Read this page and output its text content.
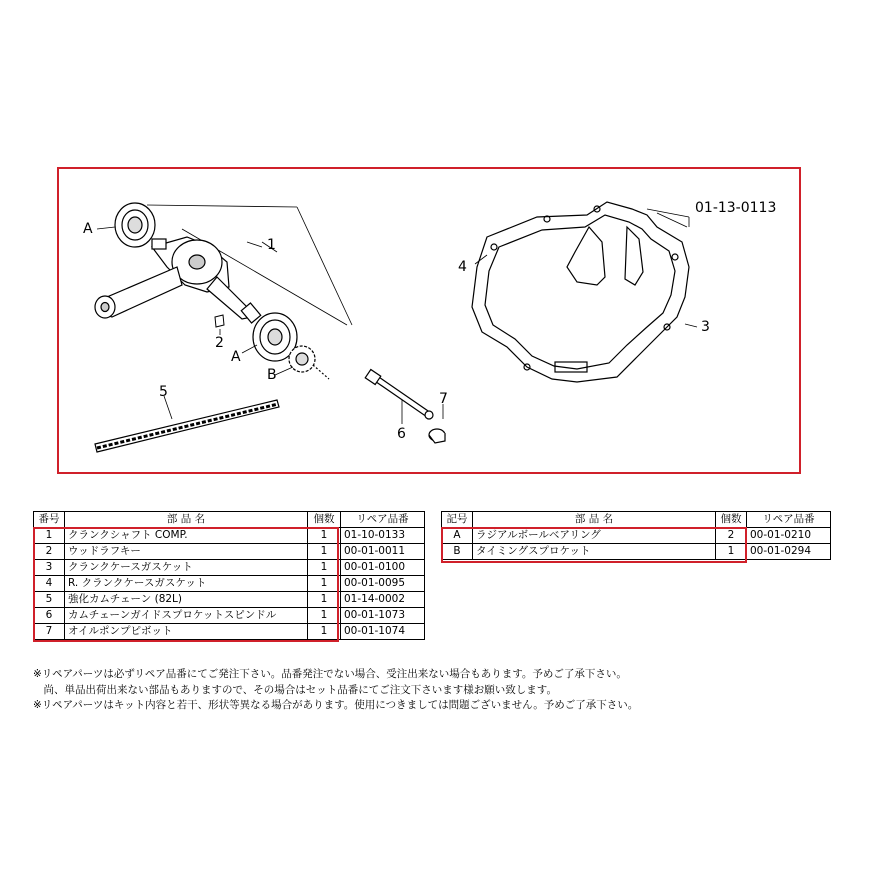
A
1
2
A
B
5
6
7
4
3
01-13-0113
番号	部 品 名	個数	リペア品番
1	クランクシャフト COMP.	1	01-10-0133
2	ウッドラフキー	1	00-01-0011
3	クランクケースガスケット	1	00-01-0100
4	R. クランクケースガスケット	1	00-01-0095
5	強化カムチェーン (82L)	1	01-14-0002
6	カムチェーンガイドスプロケットスピンドル	1	00-01-1073
7	オイルポンプピボット	1	00-01-1074
記号	部 品 名	個数	リペア品番
A	ラジアルボールベアリング	2	00-01-0210
B	タイミングスプロケット	1	00-01-0294
※リペアパーツは必ずリペア品番にてご発注下さい。品番発注でない場合、受注出来ない場合もあります。予めご了承下さい。
　尚、単品出荷出来ない部品もありますので、その場合はセット品番にてご注文下さいます様お願い致します。
※リペアパーツはキット内容と若干、形状等異なる場合があります。使用につきましては問題ございません。予めご了承下さい。
